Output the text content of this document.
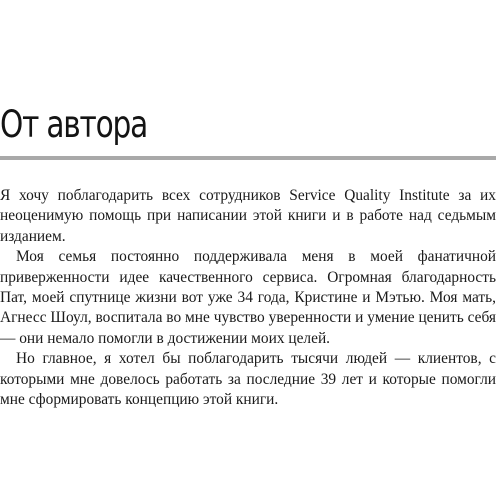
От автора

Я хочу поблагодарить всех сотрудников Service Quality Institute за их неоценимую помощь при написании этой книги и в работе над седьмым изданием.

Моя семья постоянно поддерживала меня в моей фанатичной приверженности идее качественного сервиса. Огромная благодарность Пат, моей спутнице жизни вот уже 34 года, Кристине и Мэтью. Моя мать, Агнесс Шоул, воспитала во мне чувство уверенности и умение ценить себя — они немало помогли в достижении моих целей.

Но главное, я хотел бы поблагодарить тысячи людей — клиентов, с которыми мне довелось работать за последние 39 лет и которые помогли мне сформировать концепцию этой книги.
